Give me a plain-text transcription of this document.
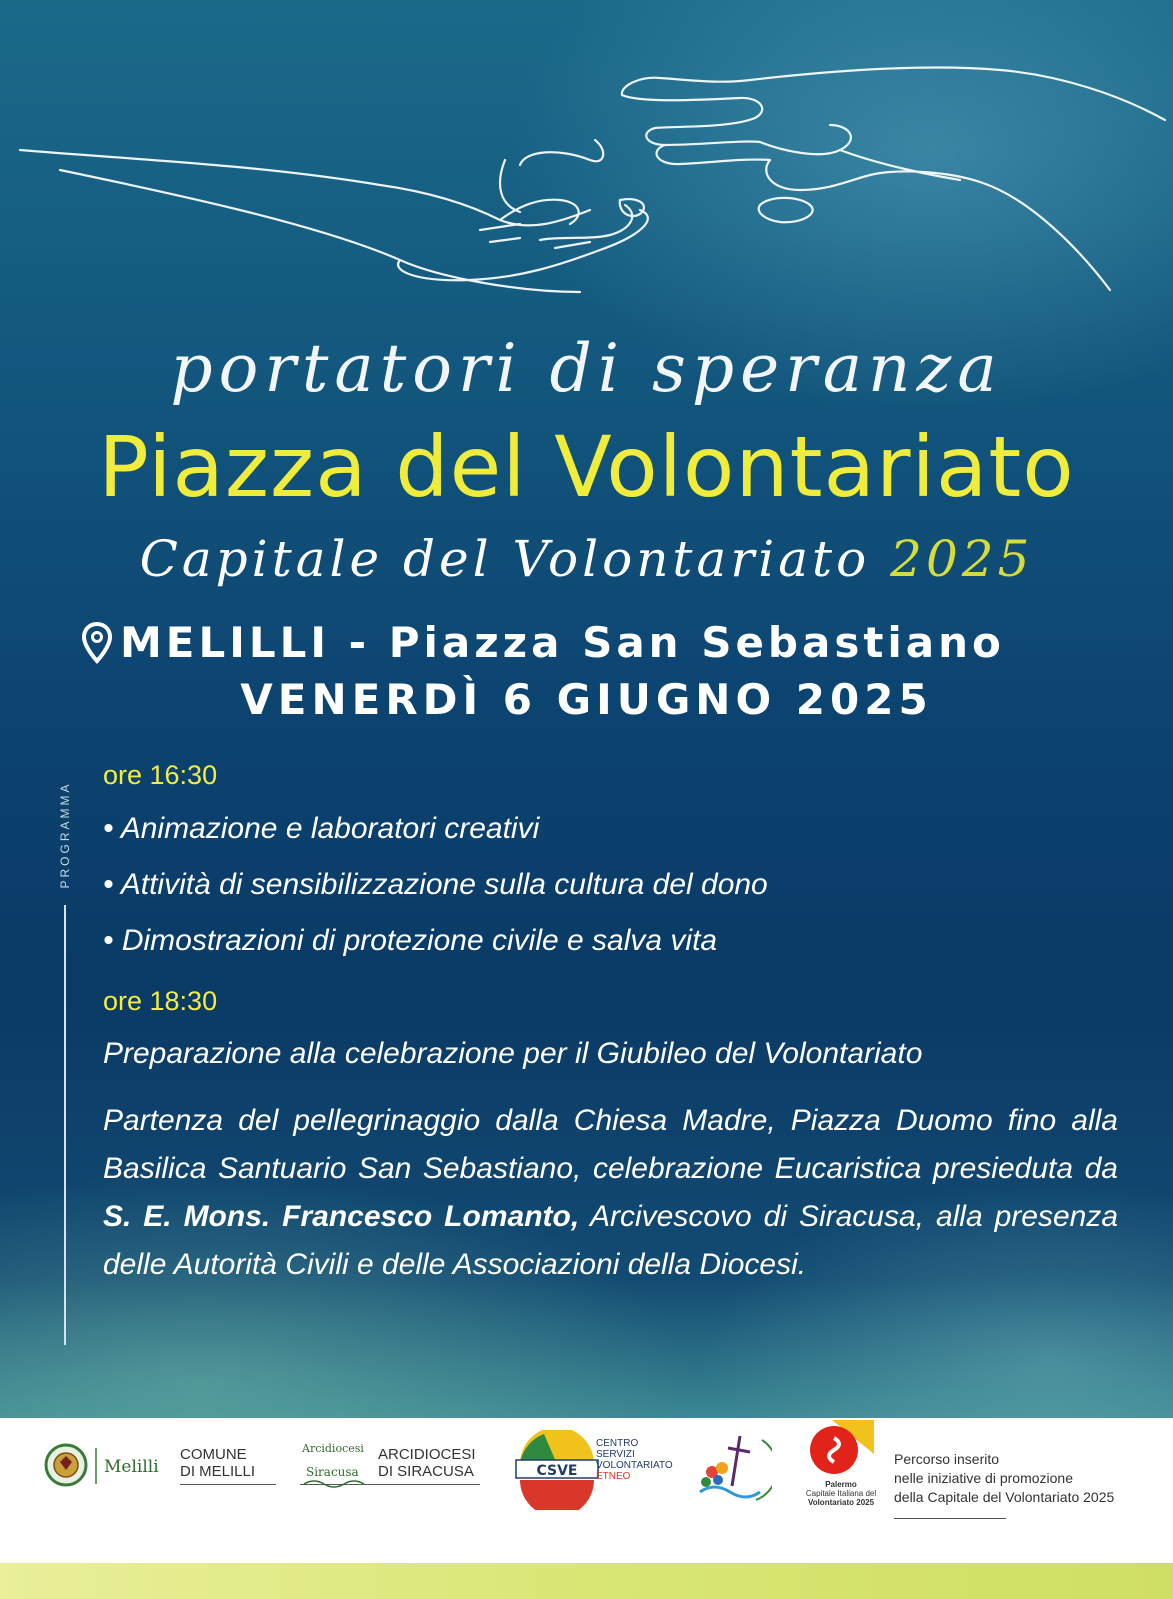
portatori di speranza
Piazza del Volontariato
Capitale del Volontariato 2025
MELILLI - Piazza San Sebastiano
VENERDÌ 6 GIUGNO 2025
PROGRAMMA
ore 16:30
• Animazione e laboratori creativi
• Attività di sensibilizzazione sulla cultura del dono
• Dimostrazioni di protezione civile e salva vita
ore 18:30
Preparazione alla celebrazione per il Giubileo del Volontariato
Partenza del pellegrinaggio dalla Chiesa Madre, Piazza Duomo fino alla Basilica Santuario San Sebastiano, celebrazione Eucaristica presieduta da S. E. Mons. Francesco Lomanto, Arcivescovo di Siracusa, alla presenza delle Autorità Civili e delle Associazioni della Diocesi.
Melilli
COMUNE
DI MELILLI
Arcidiocesi
Siracusa
ARCIDIOCESI
DI SIRACUSA	CSVE
CENTRO
SERVIZI
VOLONTARIATO
ETNEO
Palermo
Capitale Italiana del
Volontariato 2025
Percorso inserito
nelle iniziative di promozione
della Capitale del Volontariato 2025
